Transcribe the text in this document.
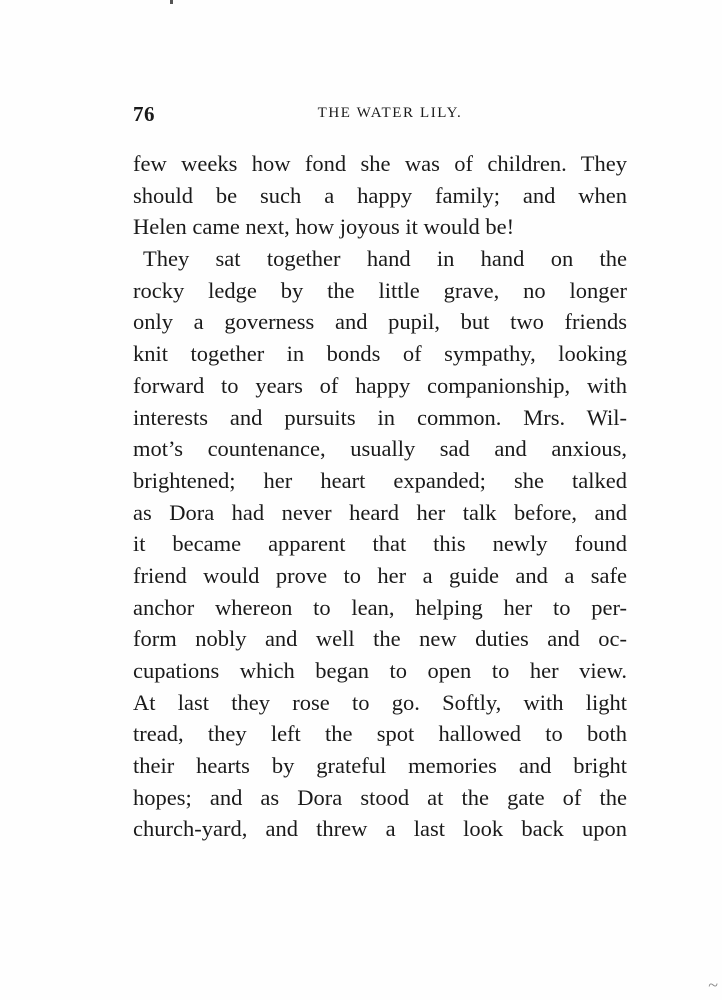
76	THE WATER LILY.
few weeks how fond she was of children. They
should be such a happy family; and when
Helen came next, how joyous it would be!
They sat together hand in hand on the
rocky ledge by the little grave, no longer
only a governess and pupil, but two friends
knit together in bonds of sympathy, looking
forward to years of happy companionship, with
interests and pursuits in common. Mrs. Wil-
mot’s countenance, usually sad and anxious,
brightened; her heart expanded; she talked
as Dora had never heard her talk before, and
it became apparent that this newly found
friend would prove to her a guide and a safe
anchor whereon to lean, helping her to per-
form nobly and well the new duties and oc-
cupations which began to open to her view.
At last they rose to go. Softly, with light
tread, they left the spot hallowed to both
their hearts by grateful memories and bright
hopes; and as Dora stood at the gate of the
church-yard, and threw a last look back upon
~
